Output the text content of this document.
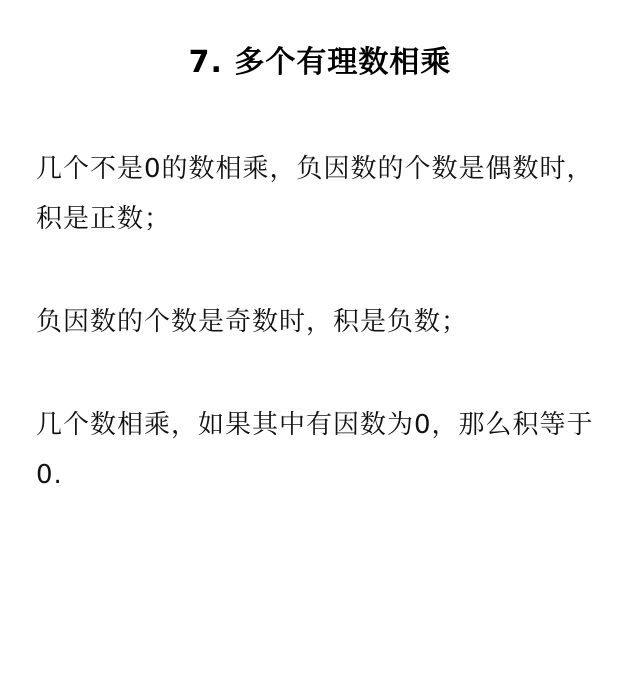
7. 多个有理数相乘

几个不是0的数相乘，负因数的个数是偶数时，积是正数；

负因数的个数是奇数时，积是负数；

几个数相乘，如果其中有因数为0，那么积等于0.
